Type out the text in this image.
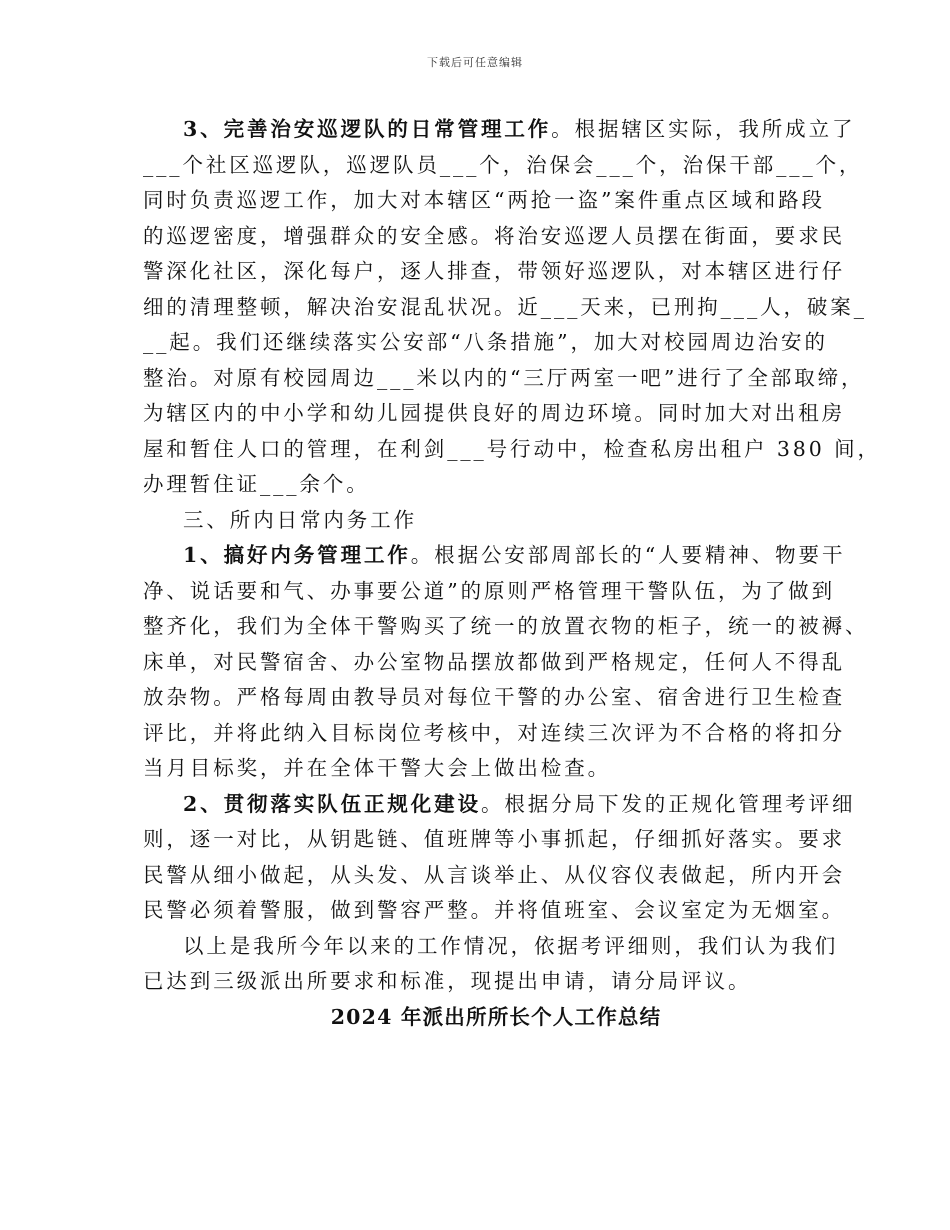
下载后可任意编辑
3、完善治安巡逻队的日常管理工作。根据辖区实际，我所成立了
___个社区巡逻队，巡逻队员___个，治保会___个，治保干部___个，
同时负责巡逻工作，加大对本辖区“两抢一盗”案件重点区域和路段
的巡逻密度，增强群众的安全感。将治安巡逻人员摆在街面，要求民
警深化社区，深化每户，逐人排查，带领好巡逻队，对本辖区进行仔
细的清理整顿，解决治安混乱状况。近___天来，已刑拘___人，破案_
__起。我们还继续落实公安部“八条措施”，加大对校园周边治安的
整治。对原有校园周边___米以内的“三厅两室一吧”进行了全部取缔，
为辖区内的中小学和幼儿园提供良好的周边环境。同时加大对出租房
屋和暂住人口的管理，在利剑___号行动中，检查私房出租户 380 间，
办理暂住证___余个。
三、所内日常内务工作
1、搞好内务管理工作。根据公安部周部长的“人要精神、物要干
净、说话要和气、办事要公道”的原则严格管理干警队伍，为了做到
整齐化，我们为全体干警购买了统一的放置衣物的柜子，统一的被褥、
床单，对民警宿舍、办公室物品摆放都做到严格规定，任何人不得乱
放杂物。严格每周由教导员对每位干警的办公室、宿舍进行卫生检查
评比，并将此纳入目标岗位考核中，对连续三次评为不合格的将扣分
当月目标奖，并在全体干警大会上做出检查。
2、贯彻落实队伍正规化建设。根据分局下发的正规化管理考评细
则，逐一对比，从钥匙链、值班牌等小事抓起，仔细抓好落实。要求
民警从细小做起，从头发、从言谈举止、从仪容仪表做起，所内开会
民警必须着警服，做到警容严整。并将值班室、会议室定为无烟室。
以上是我所今年以来的工作情况，依据考评细则，我们认为我们
已达到三级派出所要求和标准，现提出申请，请分局评议。
2024 年派出所所长个人工作总结
